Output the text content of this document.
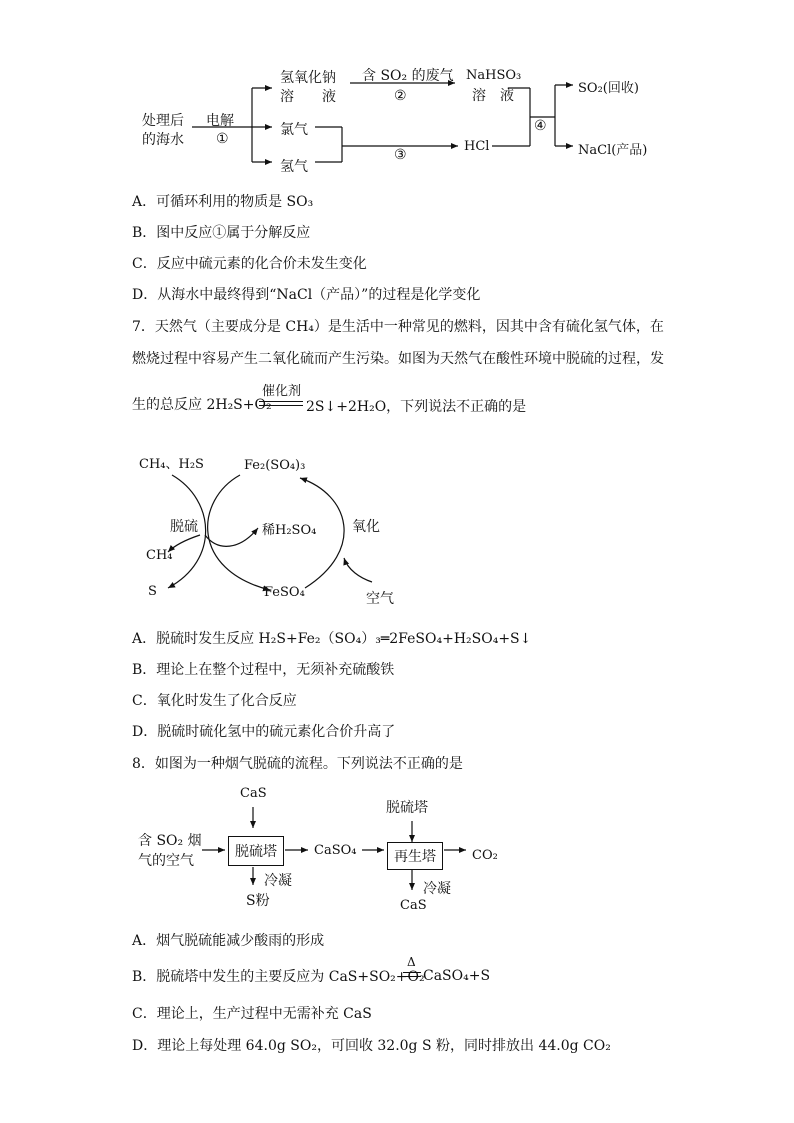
处理后
的海水
电解
①
氢氧化钠
溶　　液
氯气
氢气
含 SO₂ 的废气
②
NaHSO₃
溶　液
③
HCl
④
SO₂(回收)
NaCl(产品)
A．可循环利用的物质是 SO₃
B．图中反应①属于分解反应
C．反应中硫元素的化合价未发生变化
D．从海水中最终得到“NaCl（产品）”的过程是化学变化
7．天然气（主要成分是 CH₄）是生活中一种常见的燃料，因其中含有硫化氢气体，在
燃烧过程中容易产生二氧化硫而产生污染。如图为天然气在酸性环境中脱硫的过程，发
生的总反应 2H₂S+O₂
催化剂
2S↓+2H₂O，下列说法不正确的是
CH₄、H₂S	Fe₂(SO₄)₃
脱硫	稀H₂SO₄	氧化
CH₄
S	FeSO₄	空气
A．脱硫时发生反应 H₂S+Fe₂（SO₄）₃═2FeSO₄+H₂SO₄+S↓
B．理论上在整个过程中，无须补充硫酸铁
C．氧化时发生了化合反应
D．脱硫时硫化氢中的硫元素化合价升高了
8．如图为一种烟气脱硫的流程。下列说法不正确的是
CaS
含 SO₂ 烟
气的空气
脱硫塔	CaSO₄
脱硫塔
再生塔	CO₂
冷凝
S粉
冷凝
CaS
A．烟气脱硫能减少酸雨的形成
B．脱硫塔中发生的主要反应为 CaS+SO₂+O₂
Δ
CaSO₄+S
C．理论上，生产过程中无需补充 CaS
D．理论上每处理 64.0g SO₂，可回收 32.0g S 粉，同时排放出 44.0g CO₂
